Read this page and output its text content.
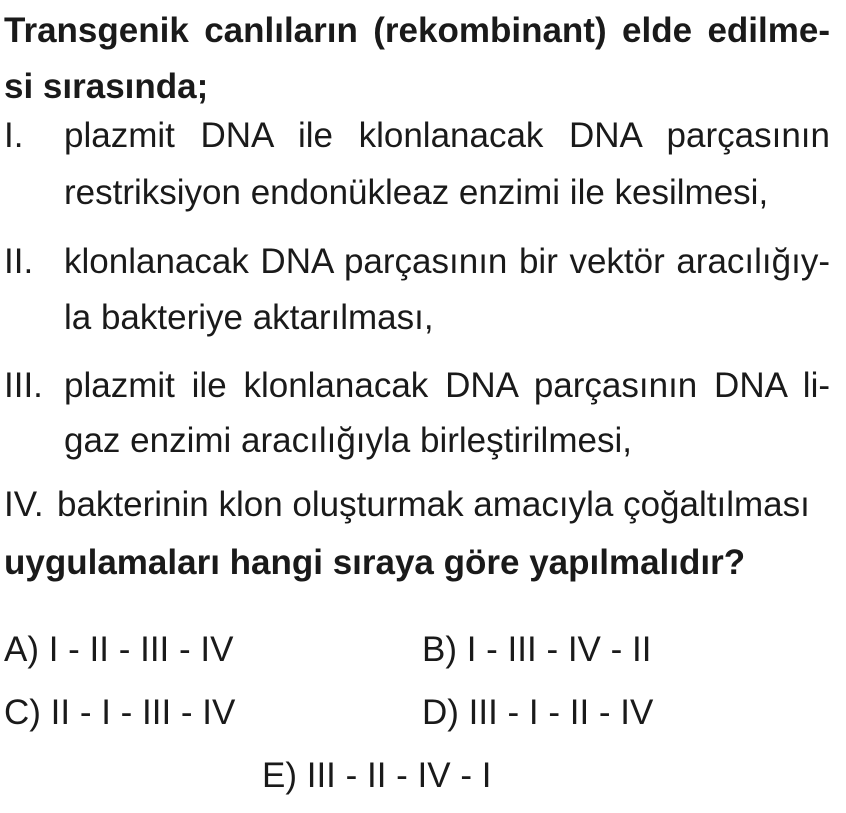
Transgenik canlıların (rekombinant) elde edilme-
si sırasında;
I. plazmit DNA ile klonlanacak DNA parçasının
restriksiyon endonükleaz enzimi ile kesilmesi,
II. klonlanacak DNA parçasının bir vektör aracılığıy-
la bakteriye aktarılması,
III. plazmit ile klonlanacak DNA parçasının DNA li-
gaz enzimi aracılığıyla birleştirilmesi,
IV. bakterinin klon oluşturmak amacıyla çoğaltılması
uygulamaları hangi sıraya göre yapılmalıdır?
A) I - II - III - IV	B) I - III - IV - II
C) II - I - III - IV	D) III - I - II - IV
E) III - II - IV - I
